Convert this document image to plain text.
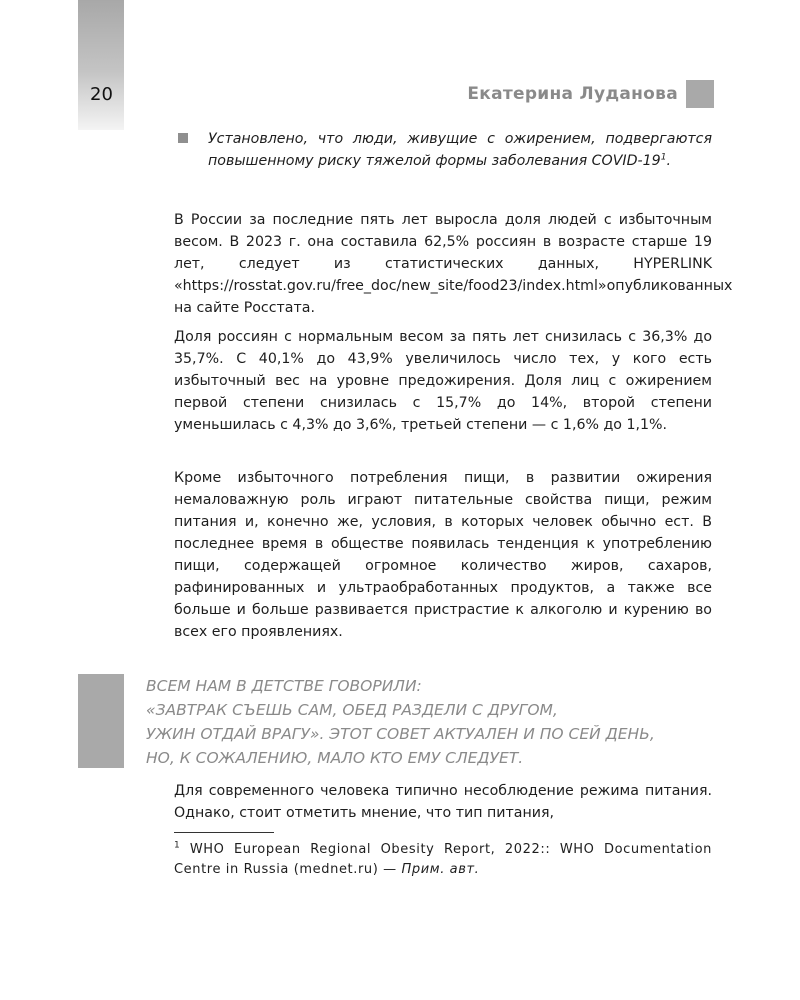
20	Екатерина Луданова

Установлено, что люди, живущие с ожирением, подвергаются повышенному риску тяжелой формы заболевания COVID-$19^1$.

В России за последние пять лет выросла доля людей с избыточным весом. В 2023 г. она составила 62,5% россиян в возрасте старше 19 лет, следует из статистических данных, HYPERLINK «https://rosstat.gov.ru/free_doc/new_site/food23/index.html»опубликованных на сайте Росстата.

Доля россиян с нормальным весом за пять лет снизилась с 36,3% до 35,7%. С 40,1% до 43,9% увеличилось число тех, у кого есть избыточный вес на уровне предожирения. Доля лиц с ожирением первой степени снизилась с 15,7% до 14%, второй степени уменьшилась с 4,3% до 3,6%, третьей степени — с 1,6% до 1,1%.

Кроме избыточного потребления пищи, в развитии ожирения немаловажную роль играют питательные свойства пищи, режим питания и, конечно же, условия, в которых человек обычно ест. В последнее время в обществе появилась тенденция к употреблению пищи, содержащей огромное количество жиров, сахаров, рафинированных и ультраобработанных продуктов, а также все больше и больше развивается пристрастие к алкоголю и курению во всех его проявлениях.

ВСЕМ НАМ В ДЕТСТВЕ ГОВОРИЛИ:
«ЗАВТРАК СЪЕШЬ САМ, ОБЕД РАЗДЕЛИ С ДРУГОМ,
УЖИН ОТДАЙ ВРАГУ». ЭТОТ СОВЕТ АКТУАЛЕН И ПО СЕЙ ДЕНЬ,
НО, К СОЖАЛЕНИЮ, МАЛО КТО ЕМУ СЛЕДУЕТ.

Для современного человека типично несоблюдение режима питания. Однако, стоит отметить мнение, что тип питания,

$^1$ WHO European Regional Obesity Report, 2022:: WHO Documentation Centre in Russia (mednet.ru) — Прим. авт.
